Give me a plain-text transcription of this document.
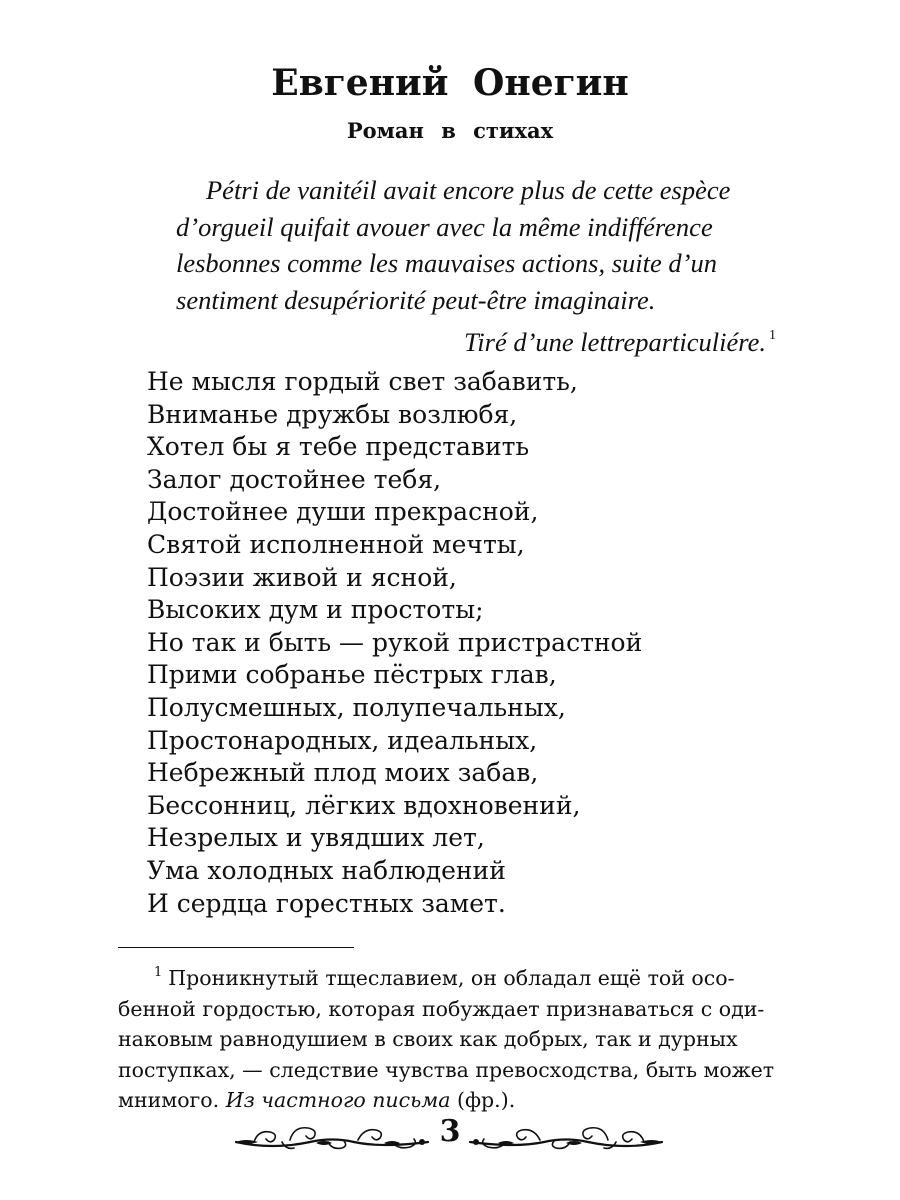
Евгений Онегин
Роман в стихах
Pétri de vanitéil avait encore plus de cette espèce
d’orgueil quifait avouer avec la même indifférence
lesbonnes comme les mauvaises actions, suite d’un
sentiment desupériorité peut-être imaginaire.
Tiré d’une lettreparticuliére. $^1$
Не мысля гордый свет забавить,
Вниманье дружбы возлюбя,
Хотел бы я тебе представить
Залог достойнее тебя,
Достойнее души прекрасной,
Святой исполненной мечты,
Поэзии живой и ясной,
Высоких дум и простоты;
Но так и быть — рукой пристрастной
Прими собранье пёстрых глав,
Полусмешных, полупечальных,
Простонародных, идеальных,
Небрежный плод моих забав,
Бессонниц, лёгких вдохновений,
Незрелых и увядших лет,
Ума холодных наблюдений
И сердца горестных замет.
$^1$ Проникнутый тщеславием, он обладал ещё той осо-
бенной гордостью, которая побуждает признаваться с оди-
наковым равнодушием в своих как добрых, так и дурных
поступках, — следствие чувства превосходства, быть может
мнимого. Из частного письма (фр.).
3
